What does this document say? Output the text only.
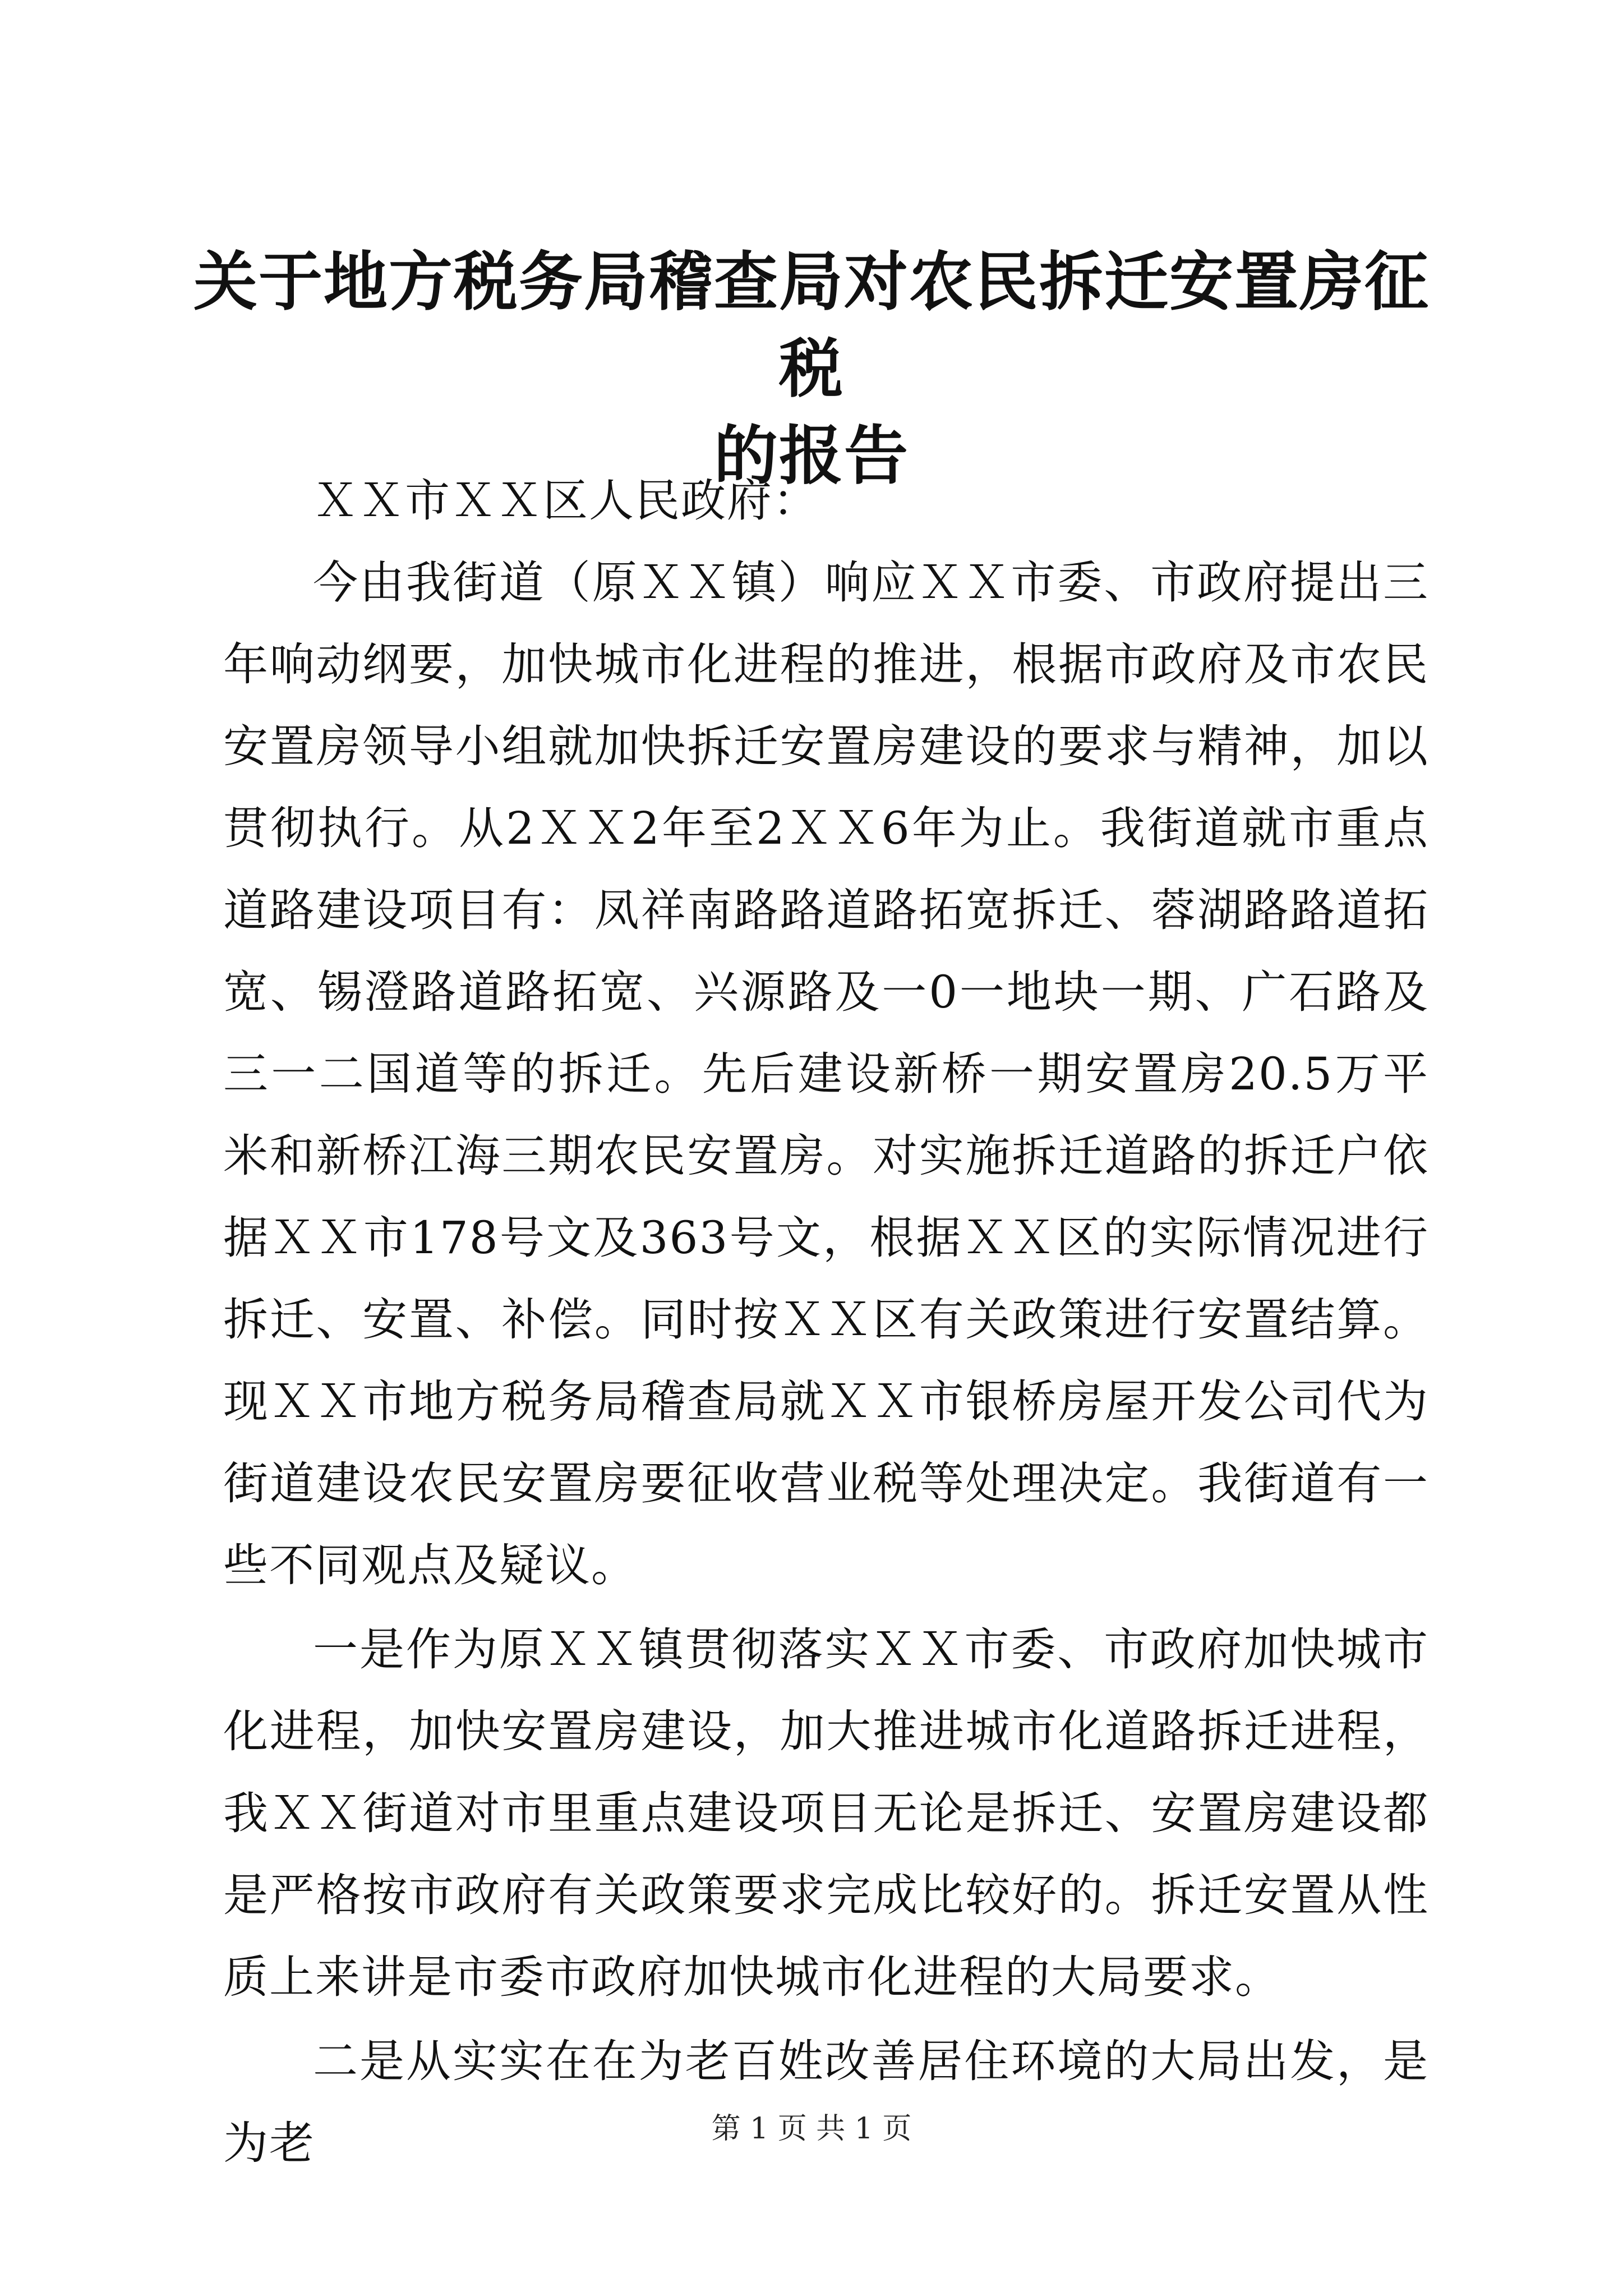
关于地方税务局稽查局对农民拆迁安置房征税
的报告

ＸＸ市ＸＸ区人民政府：

今由我街道（原ＸＸ镇）响应ＸＸ市委、市政府提出三年响动纲要，加快城市化进程的推进，根据市政府及市农民安置房领导小组就加快拆迁安置房建设的要求与精神，加以贯彻执行。从2ＸＸ2年至2ＸＸ6年为止。我街道就市重点道路建设项目有：凤祥南路路道路拓宽拆迁、蓉湖路路道拓宽、锡澄路道路拓宽、兴源路及一0一地块一期、广石路及三一二国道等的拆迁。先后建设新桥一期安置房20.5万平米和新桥江海三期农民安置房。对实施拆迁道路的拆迁户依据ＸＸ市178号文及363号文，根据ＸＸ区的实际情况进行拆迁、安置、补偿。同时按ＸＸ区有关政策进行安置结算。现ＸＸ市地方税务局稽查局就ＸＸ市银桥房屋开发公司代为街道建设农民安置房要征收营业税等处理决定。我街道有一些不同观点及疑议。

一是作为原ＸＸ镇贯彻落实ＸＸ市委、市政府加快城市化进程，加快安置房建设，加大推进城市化道路拆迁进程，我ＸＸ街道对市里重点建设项目无论是拆迁、安置房建设都是严格按市政府有关政策要求完成比较好的。拆迁安置从性质上来讲是市委市政府加快城市化进程的大局要求。

二是从实实在在为老百姓改善居住环境的大局出发，是为老	第 1 页 共 1 页
